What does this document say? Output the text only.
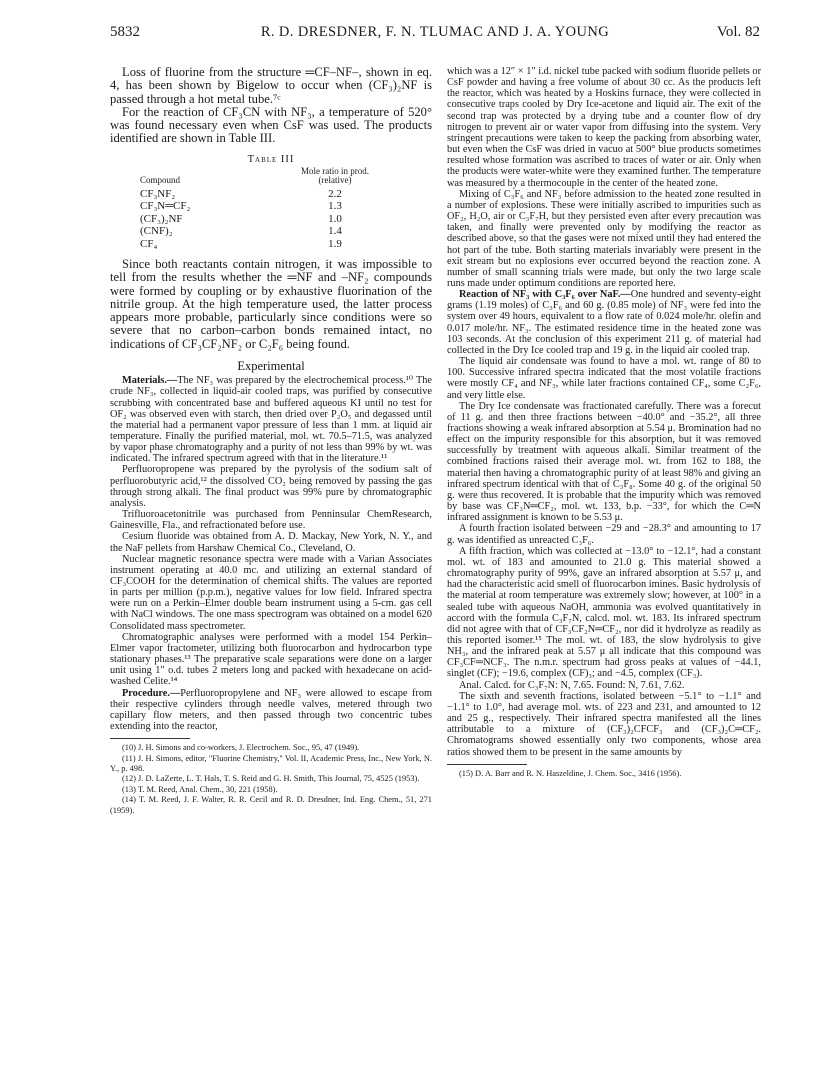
5832	R. D. DRESDNER, F. N. TLUMAC AND J. A. YOUNG	Vol. 82

Loss of fluorine from the structure ═CF–NF–, shown in eq. 4, has been shown by Bigelow to occur when (CF₃)₂NF is passed through a hot metal tube.⁷ᶜ

For the reaction of CF₃CN with NF₃, a temperature of 520° was found necessary even when CsF was used. The products identified are shown in Table III.

Table III
Compound	Mole ratio in prod. (relative)
CF₃NF₂	2.2
CF₃N═CF₂	1.3
(CF₃)₂NF	1.0
(CNF)₂	1.4
CF₄	1.9

Since both reactants contain nitrogen, it was impossible to tell from the results whether the ═NF and –NF₂ compounds were formed by coupling or by exhaustive fluorination of the nitrile group. At the high temperature used, the latter process appears more probable, particularly since conditions were so severe that no carbon–carbon bonds remained intact, no indications of CF₃CF₂NF₂ or C₂F₆ being found.

Experimental

Materials.—The NF₃ was prepared by the electrochemical process.¹⁰ The crude NF₃, collected in liquid-air cooled traps, was purified by consecutive scrubbing with concentrated base and buffered aqueous KI until no test for OF₂ was observed even with starch, then dried over P₂O₅ and degassed until the material had a permanent vapor pressure of less than 1 mm. at liquid air temperature. Finally the purified material, mol. wt. 70.5–71.5, was analyzed by vapor phase chromatography and a purity of not less than 99% by wt. was indicated. The infrared spectrum agreed with that in the literature.¹¹

Perfluoropropene was prepared by the pyrolysis of the sodium salt of perfluorobutyric acid,¹² the dissolved CO₂ being removed by passing the gas through strong alkali. The final product was 99% pure by chromatographic analysis.

Trifluoroacetonitrile was purchased from Penninsular ChemResearch, Gainesville, Fla., and refractionated before use.

Cesium fluoride was obtained from A. D. Mackay, New York, N. Y., and the NaF pellets from Harshaw Chemical Co., Cleveland, O.

Nuclear magnetic resonance spectra were made with a Varian Associates instrument operating at 40.0 mc. and utilizing an external standard of CF₃COOH for the determination of chemical shifts. The values are reported in parts per million (p.p.m.), negative values for low field. Infrared spectra were run on a Perkin–Elmer double beam instrument using a 5-cm. gas cell with NaCl windows. The one mass spectrogram was obtained on a model 620 Consolidated mass spectrometer.

Chromatographic analyses were performed with a model 154 Perkin–Elmer vapor fractometer, utilizing both fluorocarbon and hydrocarbon type stationary phases.¹³ The preparative scale separations were done on a larger unit using 1″ o.d. tubes 2 meters long and packed with hexadecane on acid-washed Celite.¹⁴

Procedure.—Perfluoropropylene and NF₃ were allowed to escape from their respective cylinders through needle valves, metered through two capillary flow meters, and then passed through two concentric tubes extending into the reactor,

(10) J. H. Simons and co-workers, J. Electrochem. Soc., 95, 47 (1949).

(11) J. H. Simons, editor, "Fluorine Chemistry," Vol. II, Academic Press, Inc., New York, N. Y., p. 498.

(12) J. D. LaZerte, L. T. Hals, T. S. Reid and G. H. Smith, This Journal, 75, 4525 (1953).

(13) T. M. Reed, Anal. Chem., 30, 221 (1958).

(14) T. M. Reed, J. F. Walter, R. R. Cecil and R. D. Dresdner, Ind. Eng. Chem., 51, 271 (1959).

which was a 12″ × 1″ i.d. nickel tube packed with sodium fluoride pellets or CsF powder and having a free volume of about 30 cc. As the products left the reactor, which was heated by a Hoskins furnace, they were collected in consecutive traps cooled by Dry Ice-acetone and liquid air. The exit of the second trap was protected by a drying tube and a counter flow of dry nitrogen to prevent air or water vapor from diffusing into the system. Very stringent precautions were taken to keep the packing from absorbing water, but even when the CsF was dried in vacuo at 500° blue products sometimes resulted whose formation was ascribed to traces of water or air. Only when the products were water-white were they examined further. The temperature was measured by a thermocouple in the center of the heated zone.

Mixing of C₃F₆ and NF₃ before admission to the heated zone resulted in a number of explosions. These were initially ascribed to impurities such as OF₂, H₂O, air or C₃F₇H, but they persisted even after every precaution was taken, and finally were prevented only by modifying the reactor as described above, so that the gases were not mixed until they had entered the hot part of the tube. Both starting materials invariably were present in the exit stream but no explosions ever occurred beyond the reaction zone. A number of small scanning trials were made, but only the two large scale runs made under optimum conditions are reported here.

Reaction of NF₃ with C₃F₆ over NaF.—One hundred and seventy-eight grams (1.19 moles) of C₃F₆ and 60 g. (0.85 mole) of NF₃ were fed into the system over 49 hours, equivalent to a flow rate of 0.024 mole/hr. olefin and 0.017 mole/hr. NF₃. The estimated residence time in the heated zone was 103 seconds. At the conclusion of this experiment 211 g. of material had collected in the Dry Ice cooled trap and 19 g. in the liquid air cooled trap.

The liquid air condensate was found to have a mol. wt. range of 80 to 100. Successive infrared spectra indicated that the most volatile fractions were mostly CF₄ and NF₃, while later fractions contained CF₄, some C₂F₆, and very little else.

The Dry Ice condensate was fractionated carefully. There was a forecut of 11 g. and then three fractions between −40.0° and −35.2°, all three fractions showing a weak infrared absorption at 5.54 μ. Bromination had no effect on the impurity responsible for this absorption, but it was removed successfully by treatment with aqueous alkali. Similar treatment of the combined fractions raised their average mol. wt. from 162 to 188, the material then having a chromatographic purity of at least 98% and giving an infrared spectrum identical with that of C₃F₈. Some 40 g. of the original 50 g. were thus recovered. It is probable that the impurity which was removed by base was CF₃N═CF₂, mol. wt. 133, b.p. −33°, for which the C═N infrared assignment is known to be 5.53 μ.

A fourth fraction isolated between −29 and −28.3° and amounting to 17 g. was identified as unreacted C₃F₆.

A fifth fraction, which was collected at −13.0° to −12.1°, had a constant mol. wt. of 183 and amounted to 21.0 g. This material showed a chromatography purity of 99%, gave an infrared absorption at 5.57 μ, and had the characteristic acid smell of fluorocarbon imines. Basic hydrolysis of the material at room temperature was extremely slow; however, at 100° in a sealed tube with aqueous NaOH, ammonia was evolved quantitatively in accord with the formula C₃F₇N, calcd. mol. wt. 183. Its infrared spectrum did not agree with that of CF₃CF₂N═CF₂, nor did it hydrolyze as readily as this reported isomer.¹⁵ The mol. wt. of 183, the slow hydrolysis to give NH₃, and the infrared peak at 5.57 μ all indicate that this compound was CF₃CF═NCF₃. The n.m.r. spectrum had gross peaks at values of −44.1, singlet (CF); −19.6, complex (CF)₃; and −4.5, complex (CF₃).

Anal. Calcd. for C₃F₇N: N, 7.65. Found: N, 7.61, 7.62.

The sixth and seventh fractions, isolated between −5.1° to −1.1° and −1.1° to 1.0°, had average mol. wts. of 223 and 231, and amounted to 12 and 25 g., respectively. Their infrared spectra manifested all the lines attributable to a mixture of (CF₃)₂CFCF₃ and (CF₃)₂C═CF₂. Chromatograms showed essentially only two components, whose area ratios showed them to be present in the same amounts by

(15) D. A. Barr and R. N. Haszeldine, J. Chem. Soc., 3416 (1956).
